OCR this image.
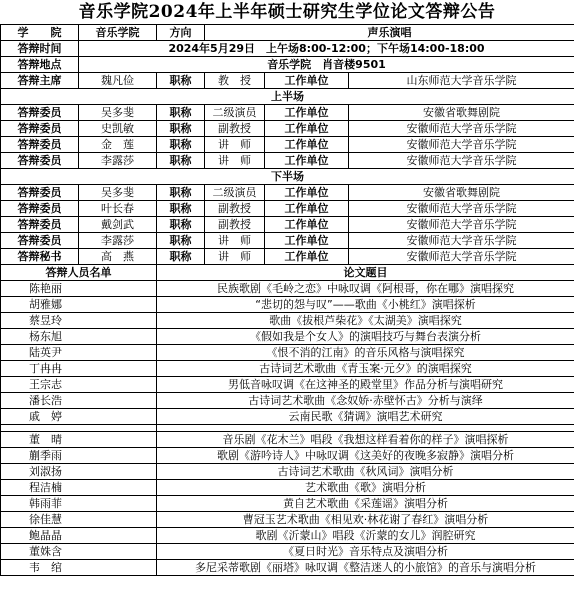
音乐学院2024年上半年硕士研究生学位论文答辩公告
学　　院	音乐学院	方向	声乐演唱		
答辩时间	2024年5月29日　上午场8:00-12:00；下午场14:00-18:00				
答辩地点	音乐学院　肖音楼9501				
答辩主席	魏凡俭	职称	教　授	工作单位	山东师范大学音乐学院
上半场					
答辩委员	吴多斐	职称	二级演员	工作单位	安徽省歌舞剧院
答辩委员	史凯敏	职称	副教授	工作单位	安徽师范大学音乐学院
答辩委员	金　莲	职称	讲　师	工作单位	安徽师范大学音乐学院
答辩委员	李露莎	职称	讲　师	工作单位	安徽师范大学音乐学院
下半场					
答辩委员	吴多斐	职称	二级演员	工作单位	安徽省歌舞剧院
答辩委员	叶长春	职称	副教授	工作单位	安徽师范大学音乐学院
答辩委员	戴剑武	职称	副教授	工作单位	安徽师范大学音乐学院
答辩委员	李露莎	职称	讲　师	工作单位	安徽师范大学音乐学院
答辩秘书	高　燕	职称	讲　师	工作单位	安徽师范大学音乐学院
答辩人员名单		论文题目			
陈艳丽		民族歌剧《毛岭之恋》中咏叹调《阿根哥，你在哪》演唱探究			
胡雅娜		“悲切的怨与叹”——歌曲《小桃红》演唱探析			
蔡昱玲		歌曲《拔根芦柴花》《太湖美》演唱探究			
杨东旭		《假如我是个女人》的演唱技巧与舞台表演分析			
陆英尹		《恨不消的江南》的音乐风格与演唱探究			
丁冉冉		古诗词艺术歌曲《青玉案·元夕》的演唱探究			
王宗志		男低音咏叹调《在这神圣的殿堂里》作品分析与演唱研究			
潘长浩		古诗词艺术歌曲《念奴娇·赤壁怀古》分析与演绎			
戚　婷		云南民歌《猜调》演唱艺术研究			

董　晴		音乐剧《花木兰》唱段《我想这样看着你的样子》演唱探析			
蒯季雨		歌剧《游吟诗人》中咏叹调《这美好的夜晚多寂静》演唱分析			
刘淑扬		古诗词艺术歌曲《秋风词》演唱分析			
程洁楠		艺术歌曲《歌》演唱分析			
韩雨菲		黄自艺术歌曲《采莲谣》演唱分析			
徐佳慧		曹冠玉艺术歌曲《相见欢·林花谢了春红》演唱分析			
鲍晶晶		歌剧《沂蒙山》唱段《沂蒙的女儿》润腔研究			
董姝含		《夏日时光》音乐特点及演唱分析			
韦　绾		多尼采蒂歌剧《丽塔》咏叹调《整洁迷人的小旅馆》的音乐与演唱分析			
